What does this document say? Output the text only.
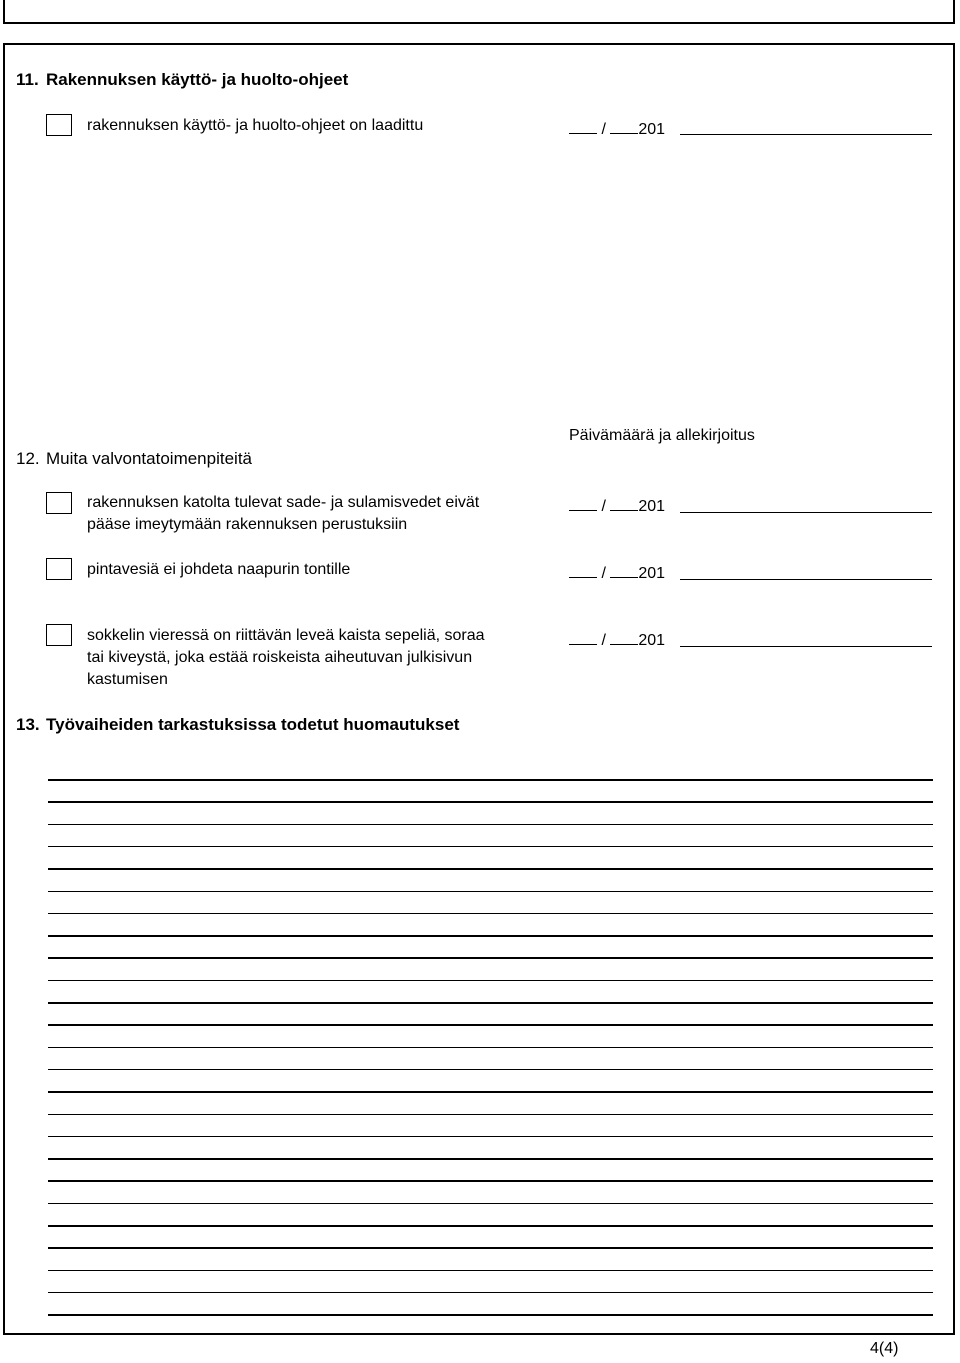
11. Rakennuksen käyttö- ja huolto-ohjeet
rakennuksen käyttö- ja huolto-ohjeet on laadittu	/ 201
Päivämäärä ja allekirjoitus
12. Muita valvontatoimenpiteitä
rakennuksen katolta tulevat sade- ja sulamisvedet eivät
pääse imeytymään rakennuksen perustuksiin
/ 201
pintavesiä ei johdeta naapurin tontille	/ 201
sokkelin vieressä on riittävän leveä kaista sepeliä, soraa
tai kiveystä, joka estää roiskeista aiheutuvan julkisivun
kastumisen
/ 201
13. Työvaiheiden tarkastuksissa todetut huomautukset
4(4)
